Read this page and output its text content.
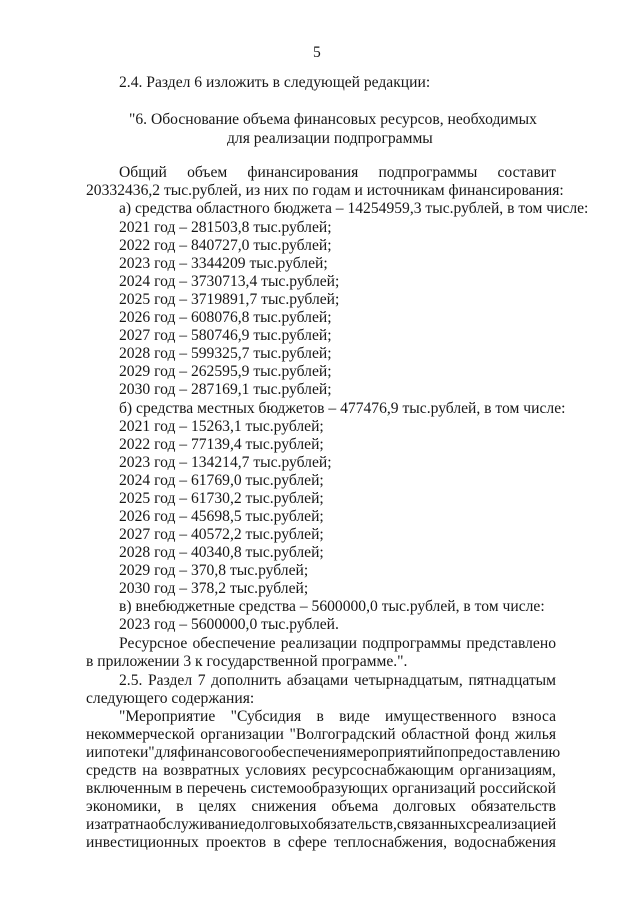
5
2.4. Раздел 6 изложить в следующей редакции:
"6. Обоснование объема финансовых ресурсов, необходимых
для реализации подпрограммы
Общий объем финансирования подпрограммы составит
20332436,2 тыс.рублей, из них по годам и источникам финансирования:
а) средства областного бюджета – 14254959,3 тыс.рублей, в том числе:
2021 год – 281503,8 тыс.рублей;
2022 год – 840727,0 тыс.рублей;
2023 год – 3344209 тыс.рублей;
2024 год – 3730713,4 тыс.рублей;
2025 год – 3719891,7 тыс.рублей;
2026 год – 608076,8 тыс.рублей;
2027 год – 580746,9 тыс.рублей;
2028 год – 599325,7 тыс.рублей;
2029 год – 262595,9 тыс.рублей;
2030 год – 287169,1 тыс.рублей;
б) средства местных бюджетов – 477476,9 тыс.рублей, в том числе:
2021 год – 15263,1 тыс.рублей;
2022 год – 77139,4 тыс.рублей;
2023 год – 134214,7 тыс.рублей;
2024 год – 61769,0 тыс.рублей;
2025 год – 61730,2 тыс.рублей;
2026 год – 45698,5 тыс.рублей;
2027 год – 40572,2 тыс.рублей;
2028 год – 40340,8 тыс.рублей;
2029 год – 370,8 тыс.рублей;
2030 год – 378,2 тыс.рублей;
в) внебюджетные средства – 5600000,0 тыс.рублей, в том числе:
2023 год – 5600000,0 тыс.рублей.
Ресурсное обеспечение реализации подпрограммы представлено
в приложении 3 к государственной программе.".
2.5. Раздел 7 дополнить абзацами четырнадцатым, пятнадцатым
следующего содержания:
"Мероприятие "Субсидия в виде имущественного взноса
некоммерческой организации "Волгоградский областной фонд жилья
и ипотеки" для финансового обеспечения мероприятий по предоставлению
средств на возвратных условиях ресурсоснабжающим организациям,
включенным в перечень системообразующих организаций российской
экономики, в целях снижения объема долговых обязательств
и затрат на обслуживание долговых обязательств, связанных с реализацией
инвестиционных проектов в сфере теплоснабжения, водоснабжения
